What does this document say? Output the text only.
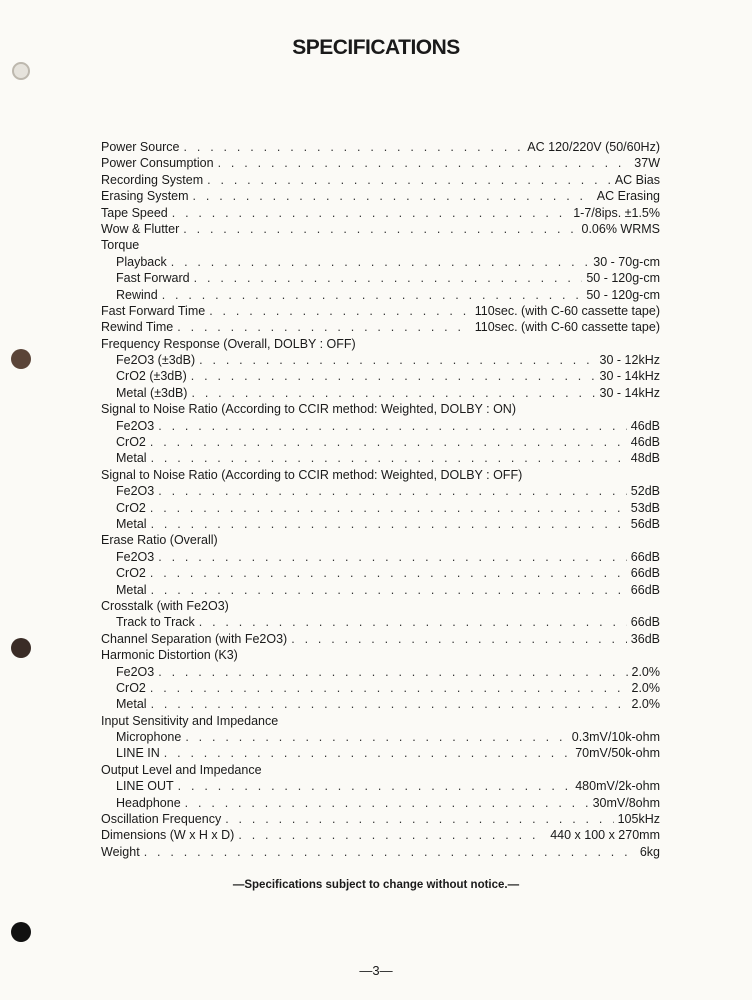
SPECIFICATIONS
Power Source . . .	AC 120/220V (50/60Hz)
Power Consumption . . .	37W
Recording System . . .	AC Bias
Erasing System . . .	AC Erasing
Tape Speed . . .	1-7/8ips. ±1.5%
Wow & Flutter . . .	0.06% WRMS
Torque
Playback . . .	30 - 70g-cm
Fast Forward . . .	50 - 120g-cm
Rewind . . .	50 - 120g-cm
Fast Forward Time . . .	110sec. (with C-60 cassette tape)
Rewind Time . . .	110sec. (with C-60 cassette tape)
Frequency Response (Overall, DOLBY : OFF)
Fe2O3 (±3dB) . . .	30 - 12kHz
CrO2 (±3dB) . . .	30 - 14kHz
Metal (±3dB) . . .	30 - 14kHz
Signal to Noise Ratio (According to CCIR method: Weighted, DOLBY : ON)
Fe2O3 . . .	46dB
CrO2 . . .	46dB
Metal . . .	48dB
Signal to Noise Ratio (According to CCIR method: Weighted, DOLBY : OFF)
Fe2O3 . . .	52dB
CrO2 . . .	53dB
Metal . . .	56dB
Erase Ratio (Overall)
Fe2O3 . . .	66dB
CrO2 . . .	66dB
Metal . . .	66dB
Crosstalk (with Fe2O3)
Track to Track . . .	66dB
Channel Separation (with Fe2O3) . . .	36dB
Harmonic Distortion (K3)
Fe2O3 . . .	2.0%
CrO2 . . .	2.0%
Metal . . .	2.0%
Input Sensitivity and Impedance
Microphone . . .	0.3mV/10k-ohm
LINE IN . . .	70mV/50k-ohm
Output Level and Impedance
LINE OUT . . .	480mV/2k-ohm
Headphone . . .	30mV/8ohm
Oscillation Frequency . . .	105kHz
Dimensions (W x H x D) . . .	440 x 100 x 270mm
Weight . . .	6kg
—Specifications subject to change without notice.—
—3—
